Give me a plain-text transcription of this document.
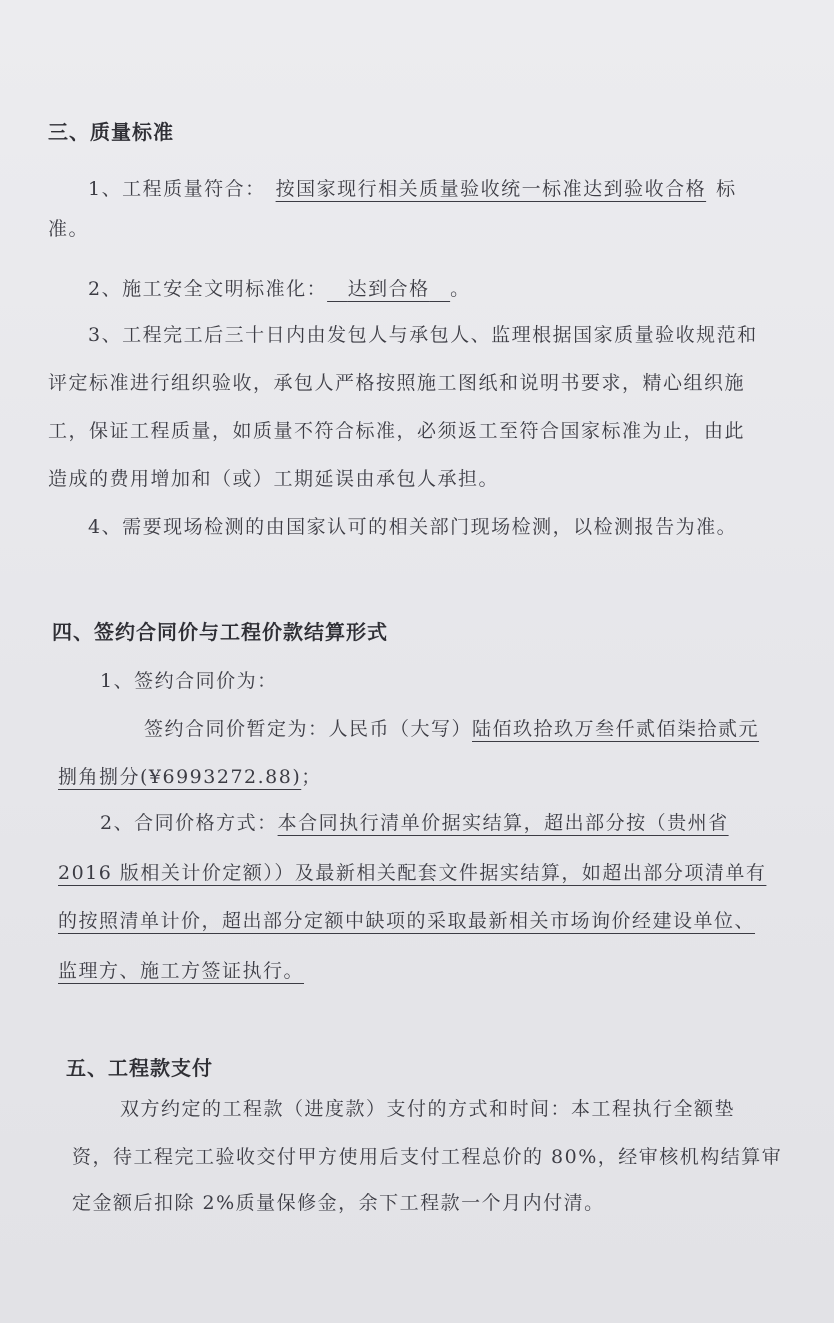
三、质量标准
1、工程质量符合： 按国家现行相关质量验收统一标准达到验收合格 标
准。
2、施工安全文明标准化：  达到合格  。
3、工程完工后三十日内由发包人与承包人、监理根据国家质量验收规范和
评定标准进行组织验收，承包人严格按照施工图纸和说明书要求，精心组织施
工，保证工程质量，如质量不符合标准，必须返工至符合国家标准为止，由此
造成的费用增加和（或）工期延误由承包人承担。
4、需要现场检测的由国家认可的相关部门现场检测，以检测报告为准。
四、签约合同价与工程价款结算形式
1、签约合同价为：
签约合同价暂定为：人民币（大写）陆佰玖拾玖万叁仟贰佰柒拾贰元
捌角捌分(¥6993272.88)；
2、合同价格方式：本合同执行清单价据实结算，超出部分按（贵州省
2016 版相关计价定额））及最新相关配套文件据实结算，如超出部分项清单有
的按照清单计价，超出部分定额中缺项的采取最新相关市场询价经建设单位、
监理方、施工方签证执行。
五、工程款支付
双方约定的工程款（进度款）支付的方式和时间：本工程执行全额垫
资，待工程完工验收交付甲方使用后支付工程总价的 80%，经审核机构结算审
定金额后扣除 2%质量保修金，余下工程款一个月内付清。
